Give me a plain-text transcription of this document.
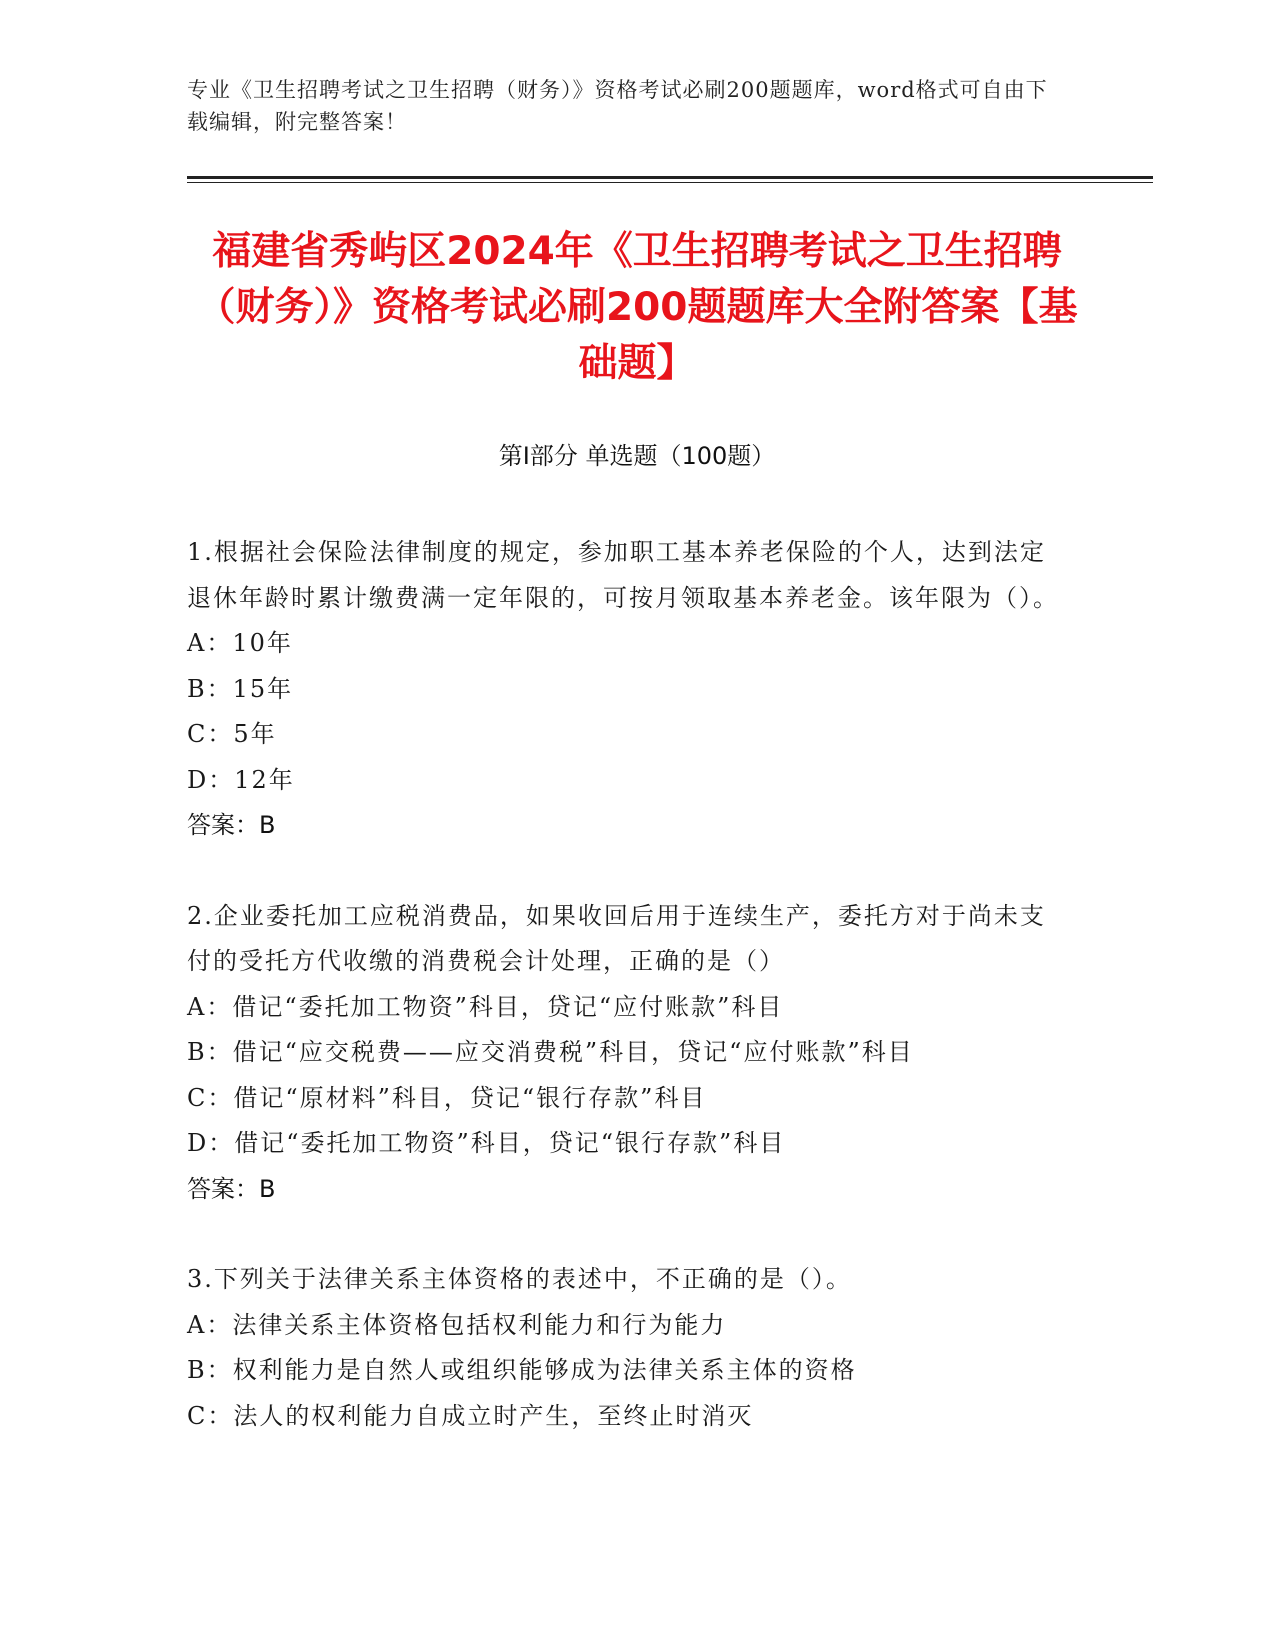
专业《卫生招聘考试之卫生招聘（财务）》资格考试必刷200题题库，word格式可自由下载编辑，附完整答案！
福建省秀屿区2024年《卫生招聘考试之卫生招聘（财务）》资格考试必刷200题题库大全附答案【基础题】
第Ⅰ部分 单选题（100题）
1.根据社会保险法律制度的规定，参加职工基本养老保险的个人，达到法定退休年龄时累计缴费满一定年限的，可按月领取基本养老金。该年限为（）。
A：10年
B：15年
C：5年
D：12年
答案：B
2.企业委托加工应税消费品，如果收回后用于连续生产，委托方对于尚未支付的受托方代收缴的消费税会计处理，正确的是（）
A：借记“委托加工物资”科目，贷记“应付账款”科目
B：借记“应交税费——应交消费税”科目，贷记“应付账款”科目
C：借记“原材料”科目，贷记“银行存款”科目
D：借记“委托加工物资”科目，贷记“银行存款”科目
答案：B
3.下列关于法律关系主体资格的表述中，不正确的是（）。
A：法律关系主体资格包括权利能力和行为能力
B：权利能力是自然人或组织能够成为法律关系主体的资格
C：法人的权利能力自成立时产生，至终止时消灭
